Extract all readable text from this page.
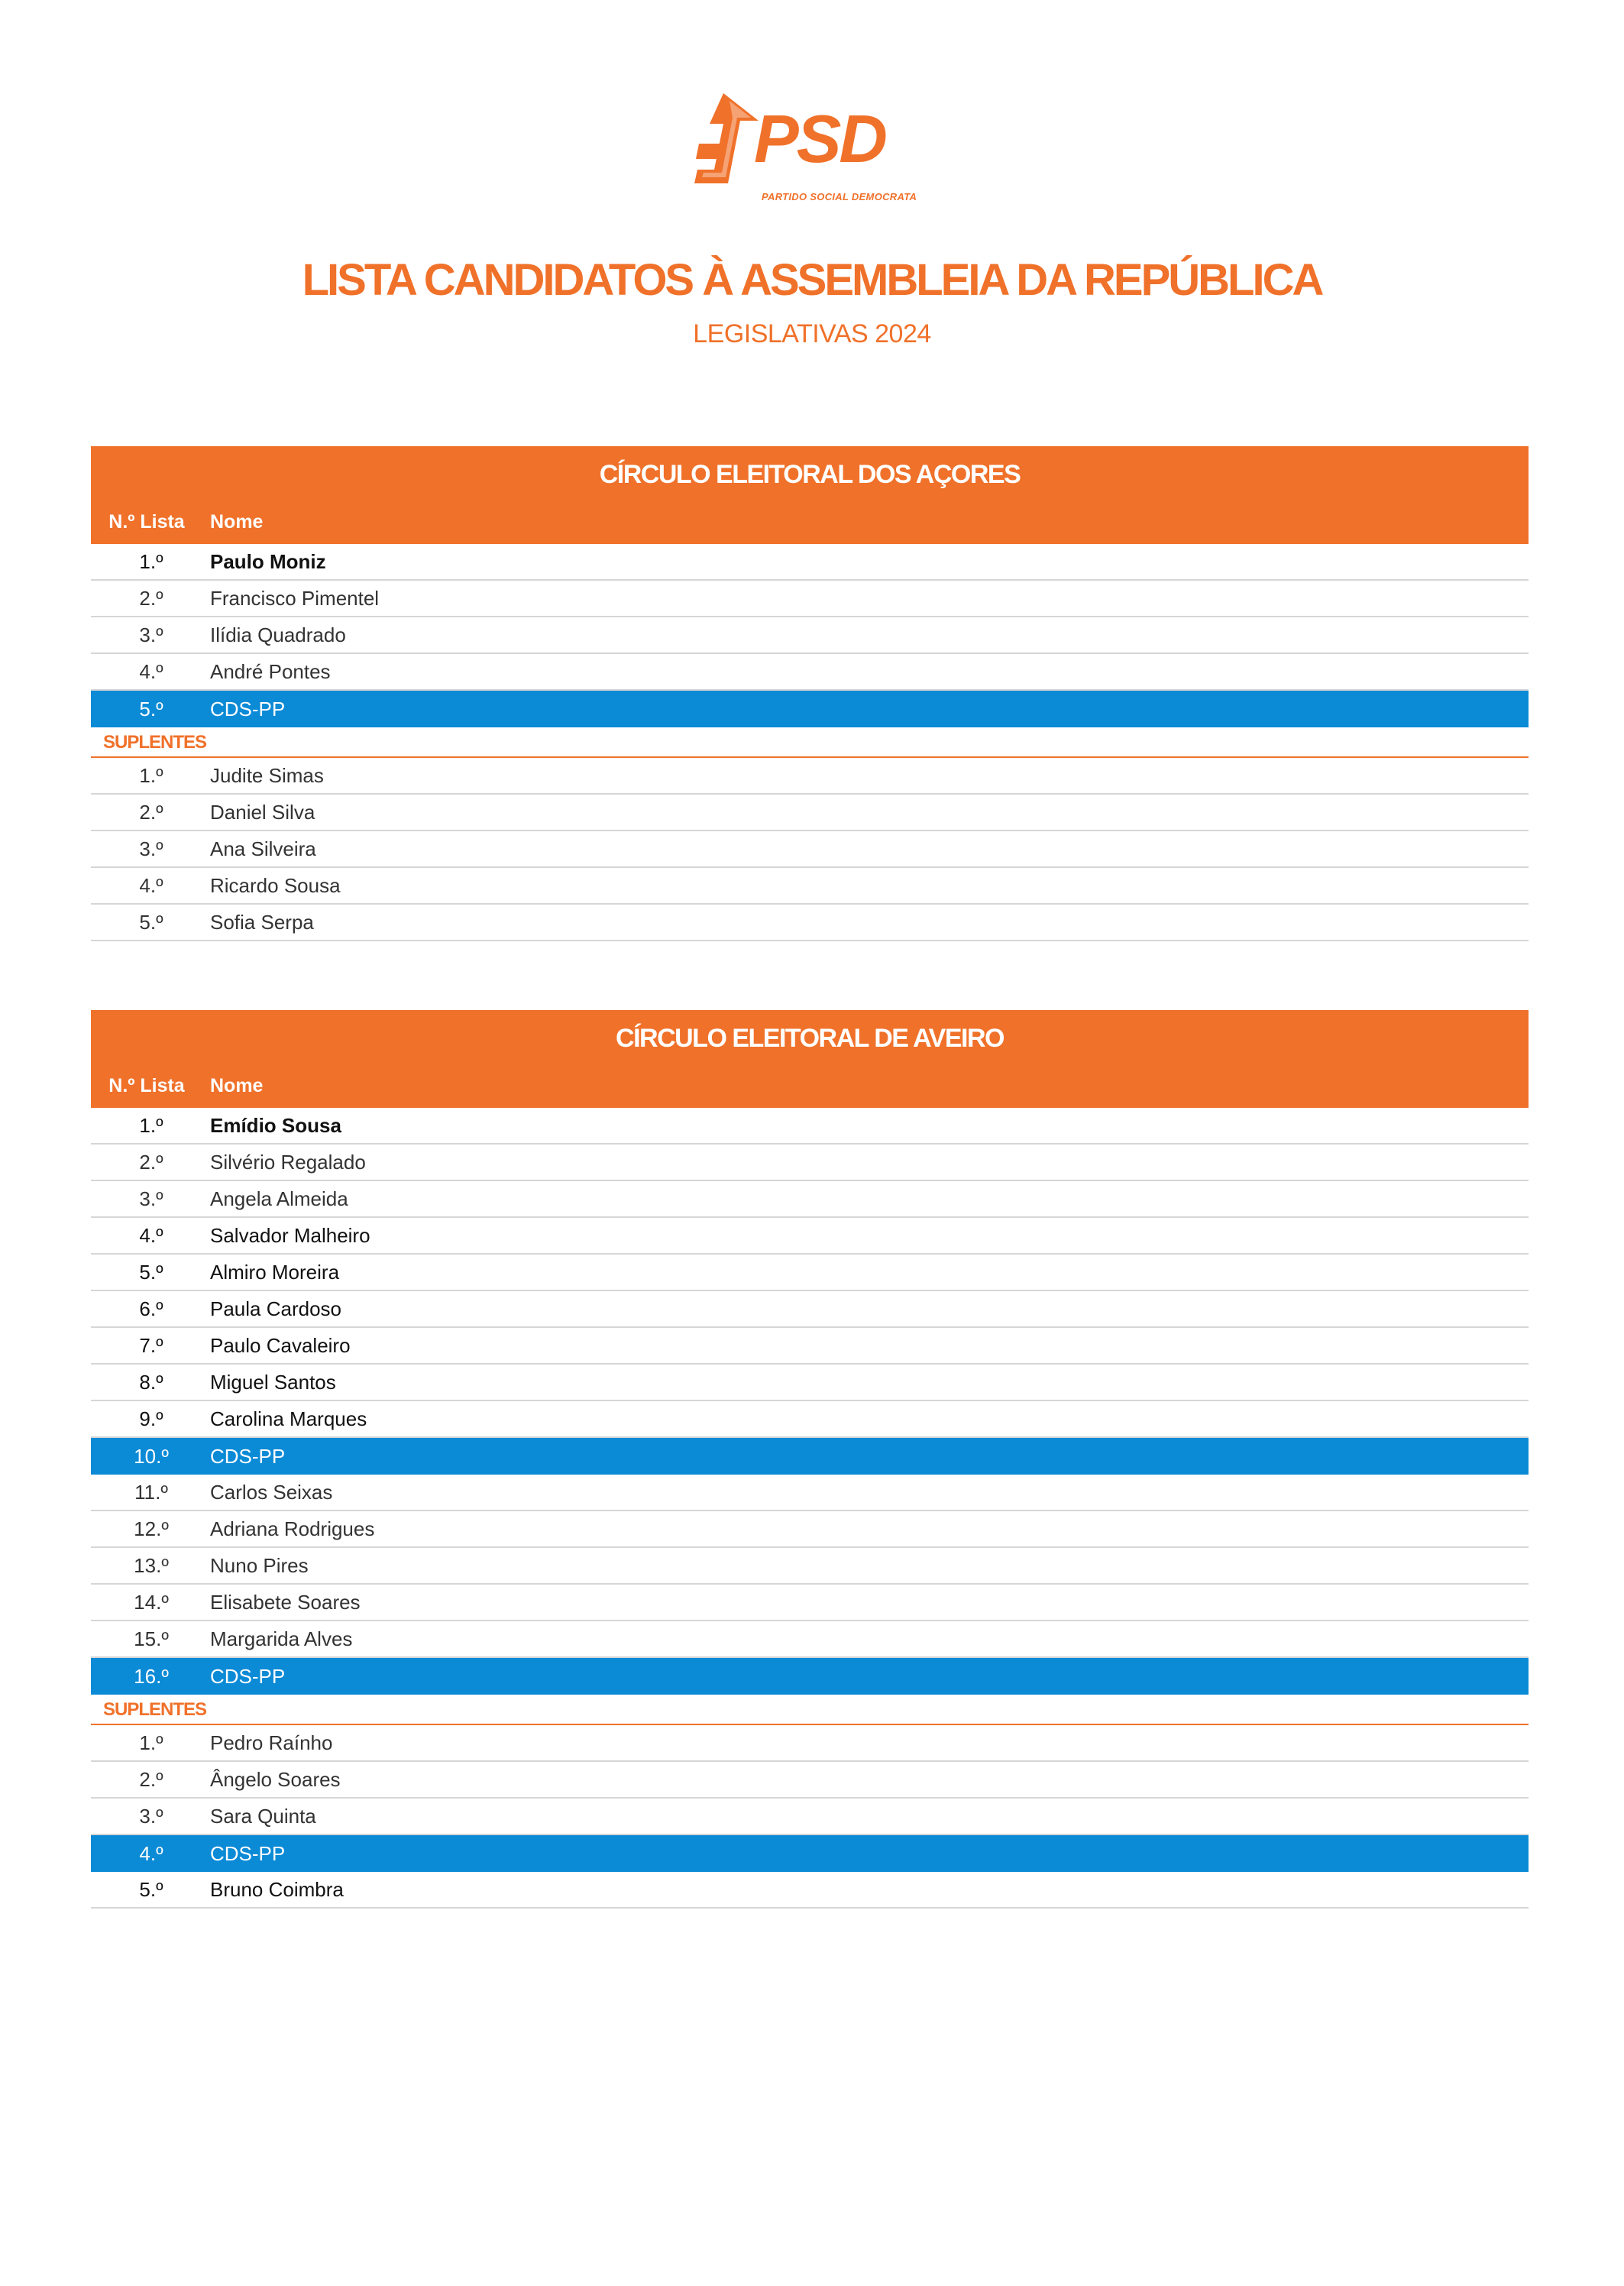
PSD
PARTIDO SOCIAL DEMOCRATA
LISTA CANDIDATOS À ASSEMBLEIA DA REPÚBLICA
LEGISLATIVAS 2024
CÍRCULO ELEITORAL DOS AÇORES
N.º Lista	Nome
1.º	Paulo Moniz
2.º	Francisco Pimentel
3.º	Ilídia Quadrado
4.º	André Pontes
5.º	CDS-PP
SUPLENTES
1.º	Judite Simas
2.º	Daniel Silva
3.º	Ana Silveira
4.º	Ricardo Sousa
5.º	Sofia Serpa
CÍRCULO ELEITORAL DE AVEIRO
N.º Lista	Nome
1.º	Emídio Sousa
2.º	Silvério Regalado
3.º	Angela Almeida
4.º	Salvador Malheiro
5.º	Almiro Moreira
6.º	Paula Cardoso
7.º	Paulo Cavaleiro
8.º	Miguel Santos
9.º	Carolina Marques
10.º	CDS-PP
11.º	Carlos Seixas
12.º	Adriana Rodrigues
13.º	Nuno Pires
14.º	Elisabete Soares
15.º	Margarida Alves
16.º	CDS-PP
SUPLENTES
1.º	Pedro Raínho
2.º	Ângelo Soares
3.º	Sara Quinta
4.º	CDS-PP
5.º	Bruno Coimbra
